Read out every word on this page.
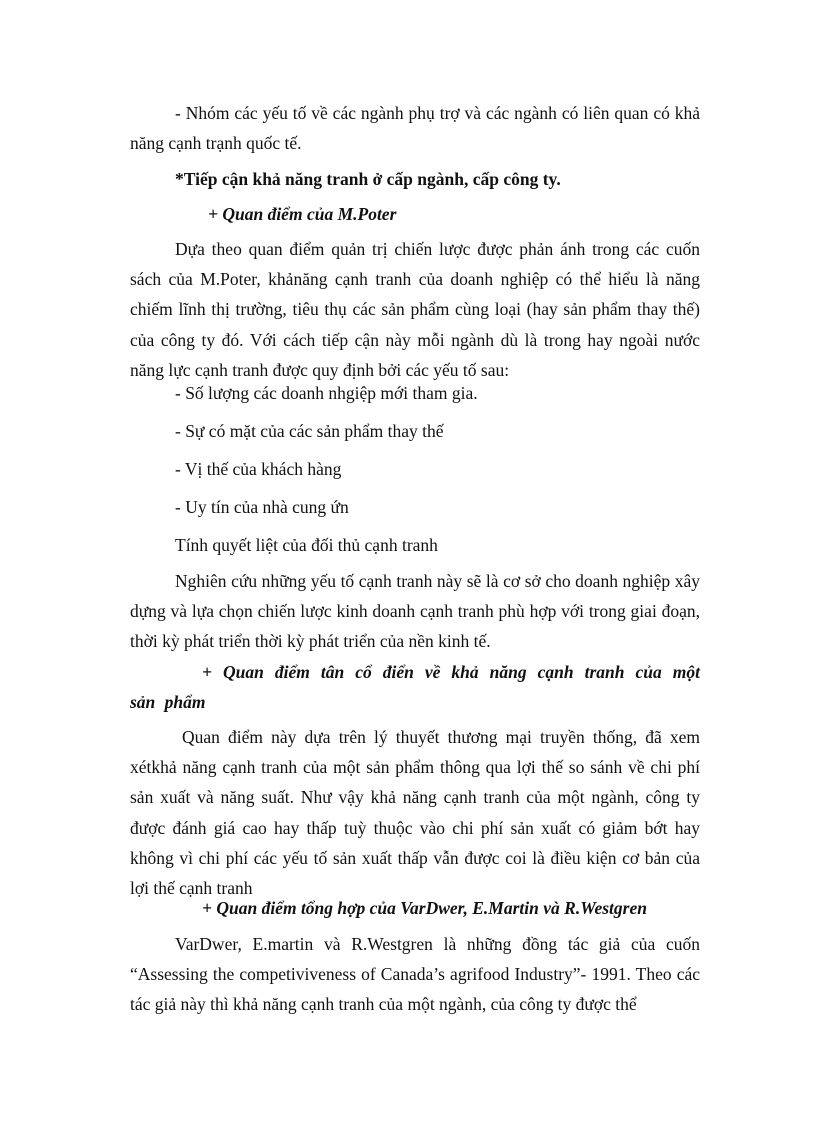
- Nhóm các yếu tố về các ngành phụ trợ và các ngành có liên quan có khả năng cạnh trạnh quốc tế.

*Tiếp cận khả năng tranh ở cấp ngành, cấp công ty.

+ Quan điểm của M.Poter

Dựa theo quan điểm quản trị chiến lược được phản ánh trong các cuốn sách của M.Poter, khảnăng cạnh tranh của doanh nghiệp có thể hiểu là năng chiếm lĩnh thị trường, tiêu thụ các sản phẩm cùng loại (hay sản phẩm thay thế) của công ty đó. Với cách tiếp cận này mỗi ngành dù là trong hay ngoài nước năng lực cạnh tranh được quy định bởi các yếu tố sau:

- Số lượng các doanh nhgiệp mới tham gia.

- Sự có mặt của các sản phẩm thay thế

- Vị thế của khách hàng

- Uy tín của nhà cung ứn

Tính quyết liệt của đối thủ cạnh tranh

Nghiên cứu những yếu tố cạnh tranh này sẽ là cơ sở cho doanh nghiệp xây dựng và lựa chọn chiến lược kinh doanh cạnh tranh phù hợp với trong giai đoạn, thời kỳ phát triển thời kỳ phát triển của nền kinh tế.

+ Quan điểm tân cổ điển về khả năng cạnh tranh của một sản phẩm

Quan điểm này dựa trên lý thuyết thương mại truyền thống, đã xem xétkhả năng cạnh tranh của một sản phẩm thông qua lợi thế so sánh về chi phí sản xuất và năng suất. Như vậy khả năng cạnh tranh của một ngành, công ty được đánh giá cao hay thấp tuỳ thuộc vào chi phí sản xuất có giảm bớt hay không vì chi phí các yếu tố sản xuất thấp vẫn được coi là điều kiện cơ bản của lợi thế cạnh tranh

+ Quan điểm tổng hợp của VarDwer, E.Martin và R.Westgren

VarDwer, E.martin và R.Westgren là những đồng tác giả của cuốn “Assessing the competiviveness of Canada’s agrifood Industry”- 1991. Theo các tác giả này thì khả năng cạnh tranh của một ngành, của công ty được thể
